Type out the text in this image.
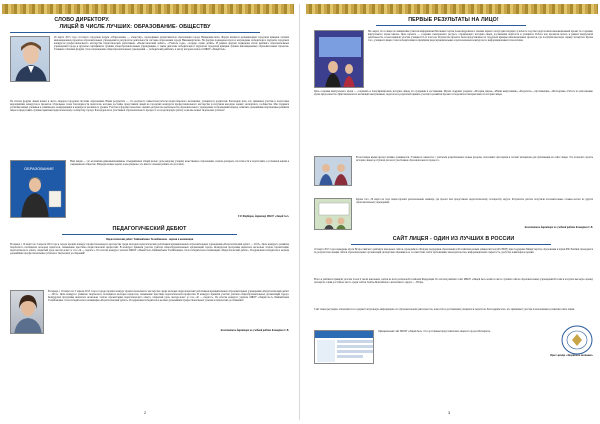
СЛОВО ДИРЕКТОРУ.
ЛИЦЕЙ В ЧИСЛЕ ЛУЧШИХ: ОБРАЗОВАНИЕ- ОБЩЕСТВУ
26 марта 2015 года состоялся городской форум «Образование — обществу», проводимый департаментом образования города Нижневартовска. Форум является кульминацией городской ярмарки лучших инновационных проектов образовательных учреждений и результатов деятельности системы образования города Нижневартовска. На форуме подведены итоги и награждены победители и лауреаты городских конкурсов профессионального мастерства педагогических работников, «Педагогический дебют», «Учитель года», «Сердце отдаю детям». В рамках форума подведены итоги рейтинга образовательных учреждений города и вручены сертификаты лучшим общеобразовательным учреждениям, а также дипломы победителям и лауреатам городской ярмарки лучших инновационных образовательных проектов. Главным событием форума стало награждение общеобразовательных учреждений — победителей рейтинга, к числу которых вошло и МБОУ «Лицей №2».
По итогам форума лицей вошел в число лидеров городской системы образования. Наши результаты — это результат совместной работы педагогического коллектива, учащихся и родителей. Благодарю всех, кто принимал участие в подготовке мероприятий, конкурсов и проектов. Отдельные слова благодарности педагогам, которые достойно представили лицей на городских конкурсах профессионального мастерства и получили высокую оценку экспертного сообщества. Мы гордимся успехами наших учеников в олимпиадах, конференциях и конкурсах различного уровня. Участие в форуме позволило оценить результаты деятельности образовательного учреждения за прошедший период, наметить дальнейшие перспективы развития лицея и представить лучшие практики педагогическому сообществу города. Благодарю всех участников образовательного процесса за плодотворную работу и желаю новых творческих успехов!
ОБРАЗОВАНИЕ
Наш лицей — это коллектив единомышленников, объединённых общей целью: дать каждому ученику качественное образование, помочь раскрыть способности и подготовить к успешной жизни в современном обществе. Впереди новые задачи, и мы уверены, что вместе сможем решить их достойно.
Т.Р. Фарбаров, директор МБОУ «Лицей №2»
ПЕДАГОГИЧЕСКИЙ ДЕБЮТ
Педагогический дебют: Бейшенбаева Талайбековна - первая в номинации
В период с 16 марта по 3 апреля 2015 года в городе прошёл конкурс профессионального мастерства среди молодых педагогических работников муниципальных образовательных учреждений «Педагогический дебют — 2015». Цель конкурса: развитие творческого потенциала молодых педагогов, повышение престижа педагогической профессии. В конкурсе приняли участие учителя общеобразовательных организаций города. Конкурсная программа включала несколько этапов: презентацию педагогического опыта, открытый урок, мастер-класс и эссе «Я — педагог». По итогам конкурса учитель МБОУ «Лицей №2» Бейшенбаева Талайбековна стала победителем в номинации «Педагогический дебют». Поздравляем победителя и желаем дальнейших профессиональных успехов и творческих достижений!
В период с 16 марта по 3 апреля 2015 года в городе прошёл конкурс профессионального мастерства среди молодых педагогических работников муниципальных образовательных учреждений «Педагогический дебют — 2015». Цель конкурса: развитие творческого потенциала молодых педагогов, повышение престижа педагогической профессии. В конкурсе приняли участие учителя общеобразовательных организаций города. Конкурсная программа включала несколько этапов: презентацию педагогического опыта, открытый урок, мастер-класс и эссе «Я — педагог». По итогам конкурса учитель МБОУ «Лицей №2» Бейшенбаева Талайбековна стала победителем в номинации «Педагогический дебют». Поздравляем победителя и желаем дальнейших профессиональных успехов и творческих достижений!
Заместитель директора по учебной работе Клокарева С.В.
2
ПЕРВЫЕ РЕЗУЛЬТАТЫ НА ЛИЦО!
Не секрет, что в лицее по инициативе учителя информатики Московка Сергея Александровича в течение первого полугодия текущего учебного года был подготовлен инновационный проект по созданию виртуального музея школы. Цель проекта — создание электронного ресурса, отражающего историю лицея, достижения педагогов и учащихся. Работа над проектом велась в рамках внеурочной деятельности, в нем приняли участие учащиеся 8-11 классов. Результаты проекта были представлены на городской ярмарке инновационных проектов, где получили высокую оценку экспертов. Кроме того, учащиеся лицея стали победителями и призёрами ряда муниципальных и региональных конкурсов по информационным технологиям.
Цель создания виртуального музея — сохранить и популяризировать историю лицея, его традиции и достижения. Музей содержит разделы: «История лицея», «Наши выпускники», «Педагоги», «Достижения», «Фотоархив». Работа по наполнению музея продолжается. Приглашаем всех желающих выпускников, педагогов и родителей принять участие в развитии проекта и поделиться материалами об истории лицея.
В настоящее время проект активно развивается. Учащиеся совместно с учителем разрабатывают новые разделы, пополняют фотоархив и готовят материалы для публикации на сайте лицея. Это позволит сделать историю лицея доступной для всех участников образовательного процесса.
Кроме того, 28 марта на базе лицея прошёл региональный семинар, где проект был представлен педагогическому сообществу округа. Результаты работы получили положительные отзывы коллег из других образовательных учреждений.
Заместитель директора по учебной работе Клокарева С.В.
САЙТ ЛИЦЕЯ - ОДИН ИЗ ЛУЧШИХ В РОССИИ
10 марта 2015 года подведены итоги Всероссийского рейтинга школьных сайтов, проводимого Фондом поддержки образования и Российским новым университетом (РосНОУ) при поддержке Министерства образования и науки РФ. Рейтинг проводился по результатам оценки сайтов образовательных организаций экспертами. Оценивалось соответствие сайта требованиям законодательства, информационная открытость, удобство навигации и дизайн.
Всего в рейтинге приняли участие более 9 тысяч школьных сайтов из всех регионов Российской Федерации. По итогам рейтинга сайт МБОУ «Лицей №2» вошёл в число лучших сайтов образовательных учреждений России и получил высокую оценку экспертов, заняв достойное место среди сайтов Ханты-Мансийского автономного округа — Югры.
Сайт лицея регулярно обновляется и содержит актуальную информацию об образовательной деятельности, новостях и достижениях учащихся и педагогов. Благодарим всех, кто принимает участие в наполнении и развитии сайта лицея.
Официальный сайт МБОУ «Лицей №2» стал достойным представителем лицея и города в Интернете.
Пресс-центр «Лицейского вестника»
3
